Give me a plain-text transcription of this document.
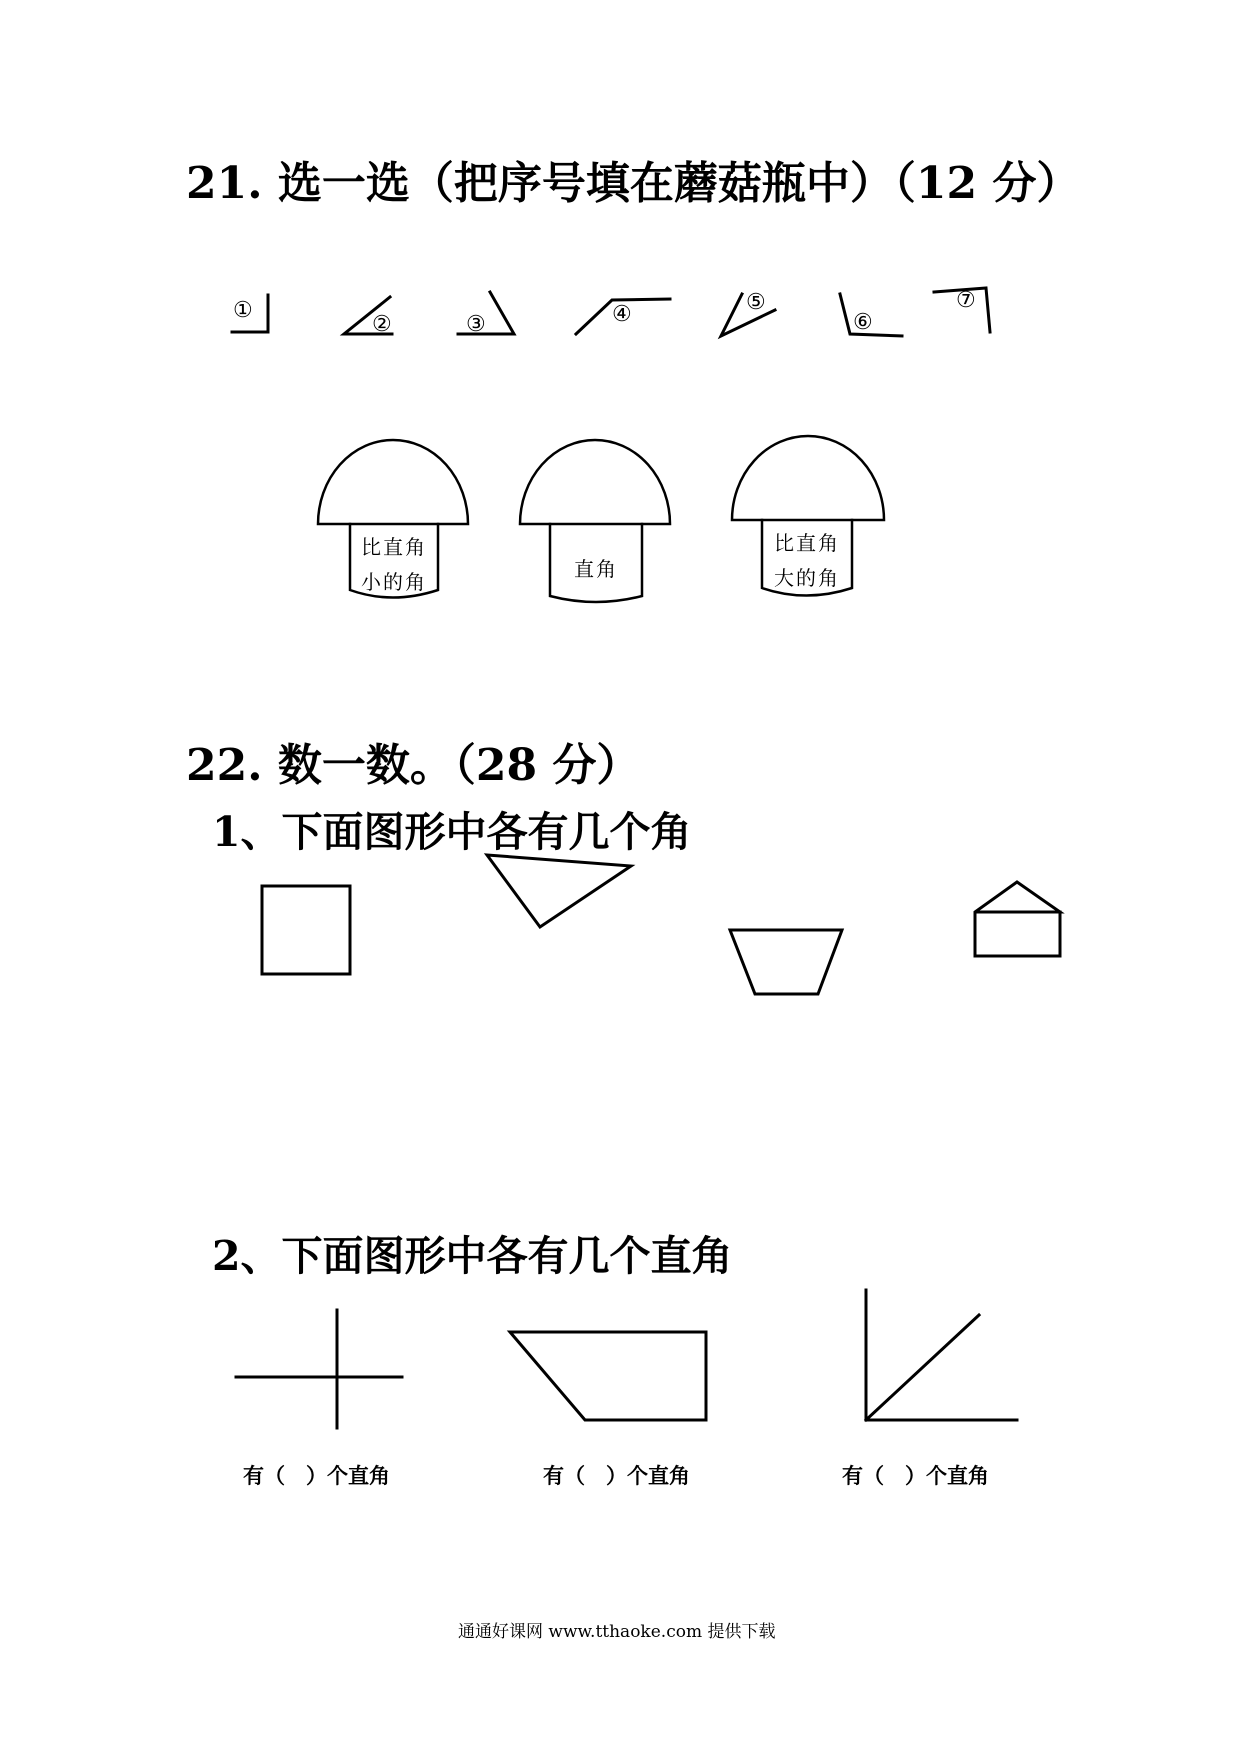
21. 选一选（把序号填在蘑菇瓶中）（12 分）
①
②	③	④	⑤
⑥
⑦
比直角
小的角
直角
比直角
大的角
22. 数一数。（28 分）
1、下面图形中各有几个角
2、下面图形中各有几个直角
有（　）个直角	有（　）个直角	有（　）个直角
通通好课网 www.tthaoke.com 提供下载
